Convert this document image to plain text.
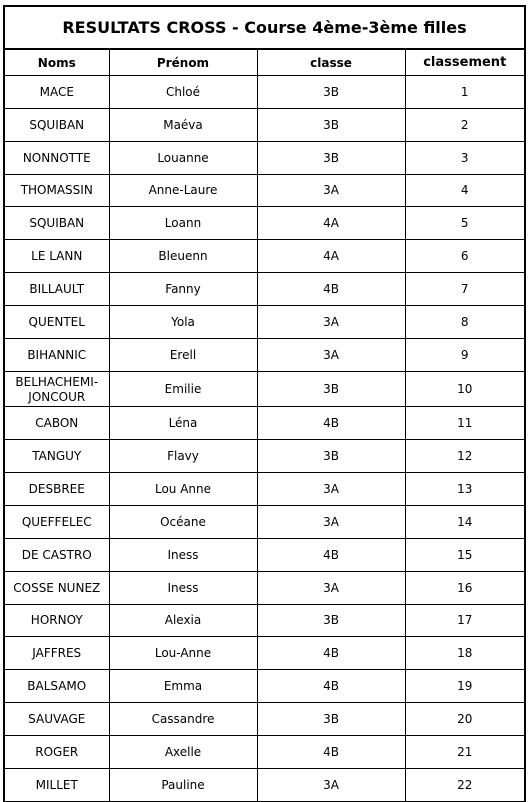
RESULTATS CROSS - Course 4ème-3ème filles
Noms	Prénom	classe	classement
MACE	Chloé	3B	1
SQUIBAN	Maéva	3B	2
NONNOTTE	Louanne	3B	3
THOMASSIN	Anne-Laure	3A	4
SQUIBAN	Loann	4A	5
LE LANN	Bleuenn	4A	6
BILLAULT	Fanny	4B	7
QUENTEL	Yola	3A	8
BIHANNIC	Erell	3A	9
BELHACHEMI-JONCOUR	Emilie	3B	10
CABON	Léna	4B	11
TANGUY	Flavy	3B	12
DESBREE	Lou Anne	3A	13
QUEFFELEC	Océane	3A	14
DE CASTRO	Iness	4B	15
COSSE NUNEZ	Iness	3A	16
HORNOY	Alexia	3B	17
JAFFRES	Lou-Anne	4B	18
BALSAMO	Emma	4B	19
SAUVAGE	Cassandre	3B	20
ROGER	Axelle	4B	21
MILLET	Pauline	3A	22
